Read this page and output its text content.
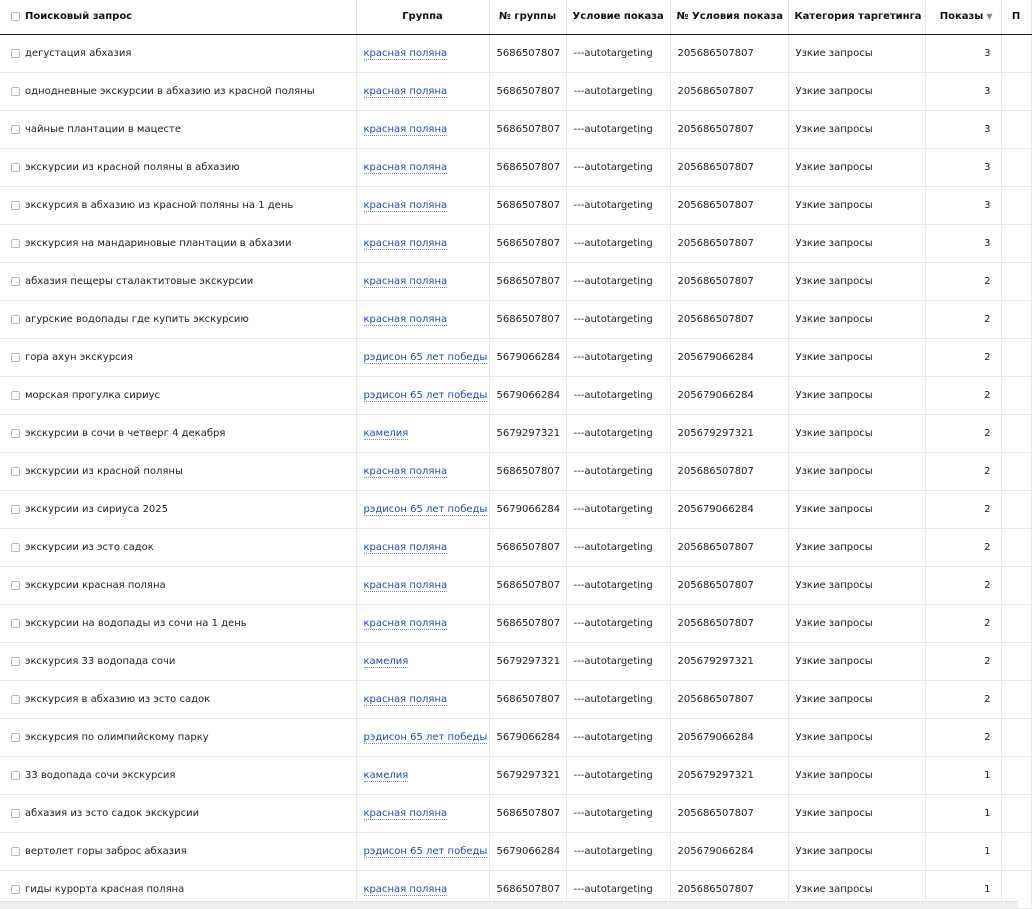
Поисковый запрос	Группа	№ группы	Условие показа	№ Условия показа	Категория таргетинга	Показы ▼	П
дегустация абхазия	красная поляна	5686507807	---autotargeting	205686507807	Узкие запросы	3	
однодневные экскурсии в абхазию из красной поляны	красная поляна	5686507807	---autotargeting	205686507807	Узкие запросы	3	
чайные плантации в мацесте	красная поляна	5686507807	---autotargeting	205686507807	Узкие запросы	3	
экскурсии из красной поляны в абхазию	красная поляна	5686507807	---autotargeting	205686507807	Узкие запросы	3	
экскурсия в абхазию из красной поляны на 1 день	красная поляна	5686507807	---autotargeting	205686507807	Узкие запросы	3	
экскурсия на мандариновые плантации в абхазии	красная поляна	5686507807	---autotargeting	205686507807	Узкие запросы	3	
абхазия пещеры сталактитовые экскурсии	красная поляна	5686507807	---autotargeting	205686507807	Узкие запросы	2	
агурские водопады где купить экскурсию	красная поляна	5686507807	---autotargeting	205686507807	Узкие запросы	2	
гора ахун экскурсия	рэдисон 65 лет победы	5679066284	---autotargeting	205679066284	Узкие запросы	2	
морская прогулка сириус	рэдисон 65 лет победы	5679066284	---autotargeting	205679066284	Узкие запросы	2	
экскурсии в сочи в четверг 4 декабря	камелия	5679297321	---autotargeting	205679297321	Узкие запросы	2	
экскурсии из красной поляны	красная поляна	5686507807	---autotargeting	205686507807	Узкие запросы	2	
экскурсии из сириуса 2025	рэдисон 65 лет победы	5679066284	---autotargeting	205679066284	Узкие запросы	2	
экскурсии из эсто садок	красная поляна	5686507807	---autotargeting	205686507807	Узкие запросы	2	
экскурсии красная поляна	красная поляна	5686507807	---autotargeting	205686507807	Узкие запросы	2	
экскурсии на водопады из сочи на 1 день	красная поляна	5686507807	---autotargeting	205686507807	Узкие запросы	2	
экскурсия 33 водопада сочи	камелия	5679297321	---autotargeting	205679297321	Узкие запросы	2	
экскурсия в абхазию из эсто садок	красная поляна	5686507807	---autotargeting	205686507807	Узкие запросы	2	
экскурсия по олимпийскому парку	рэдисон 65 лет победы	5679066284	---autotargeting	205679066284	Узкие запросы	2	
33 водопада сочи экскурсия	камелия	5679297321	---autotargeting	205679297321	Узкие запросы	1	
абхазия из эсто садок экскурсии	красная поляна	5686507807	---autotargeting	205686507807	Узкие запросы	1	
вертолет горы заброс абхазия	рэдисон 65 лет победы	5679066284	---autotargeting	205679066284	Узкие запросы	1	
гиды курорта красная поляна	красная поляна	5686507807	---autotargeting	205686507807	Узкие запросы	1	
